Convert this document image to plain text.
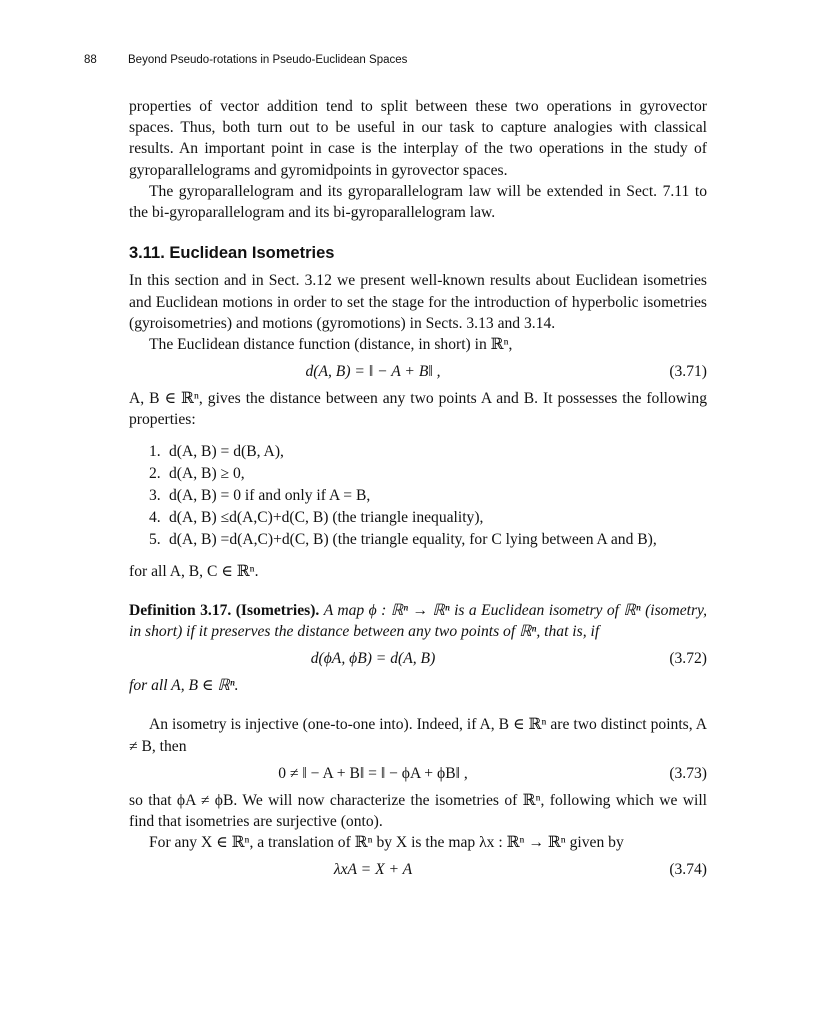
88	Beyond Pseudo-rotations in Pseudo-Euclidean Spaces

properties of vector addition tend to split between these two operations in gyrovector spaces. Thus, both turn out to be useful in our task to capture analogies with classical results. An important point in case is the interplay of the two operations in the study of gyroparallelograms and gyromidpoints in gyrovector spaces.

The gyroparallelogram and its gyroparallelogram law will be extended in Sect. 7.11 to the bi-gyroparallelogram and its bi-gyroparallelogram law.

3.11. Euclidean Isometries

In this section and in Sect. 3.12 we present well-known results about Euclidean isometries and Euclidean motions in order to set the stage for the introduction of hyperbolic isometries (gyroisometries) and motions (gyromotions) in Sects. 3.13 and 3.14.

The Euclidean distance function (distance, in short) in ℝⁿ,

d(A, B) = ‖ − A + B‖ ,	(3.71)

A, B ∈ ℝⁿ, gives the distance between any two points A and B. It possesses the following properties:

1. d(A, B) = d(B, A),
2. d(A, B) ≥ 0,
3. d(A, B) = 0 if and only if A = B,
4. d(A, B) ≤d(A,C)+d(C, B) (the triangle inequality),
5. d(A, B) =d(A,C)+d(C, B) (the triangle equality, for C lying between A and B),

for all A, B, C ∈ ℝⁿ.

Definition 3.17. (Isometries). A map ϕ : ℝⁿ → ℝⁿ is a Euclidean isometry of ℝⁿ (isometry, in short) if it preserves the distance between any two points of ℝⁿ, that is, if

d(ϕA, ϕB) = d(A, B)	(3.72)

for all A, B ∈ ℝⁿ.

An isometry is injective (one-to-one into). Indeed, if A, B ∈ ℝⁿ are two distinct points, A ≠ B, then

0 ≠ ‖ − A + B‖ = ‖ − ϕA + ϕB‖ ,	(3.73)

so that ϕA ≠ ϕB. We will now characterize the isometries of ℝⁿ, following which we will find that isometries are surjective (onto).

For any X ∈ ℝⁿ, a translation of ℝⁿ by X is the map λx : ℝⁿ → ℝⁿ given by

λxA = X + A	(3.74)
